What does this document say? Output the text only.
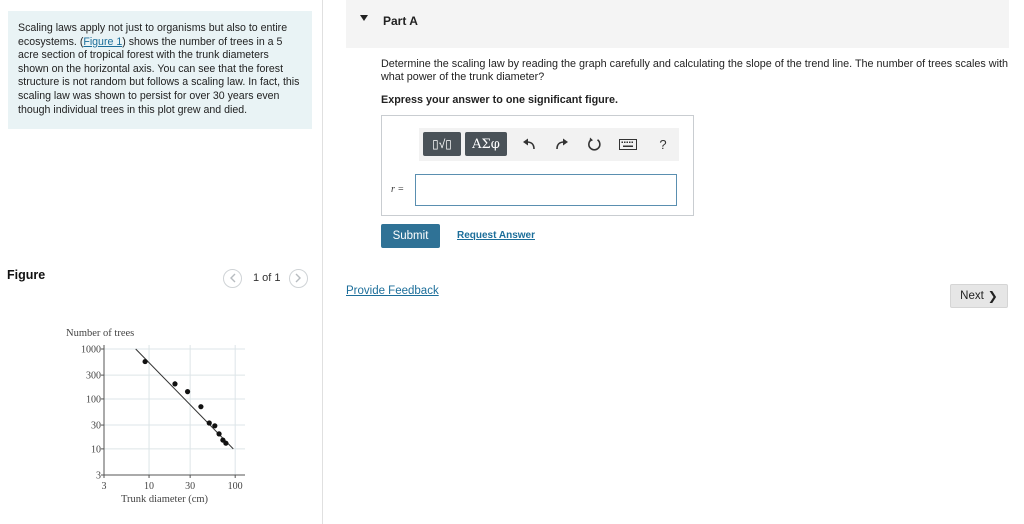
Scaling laws apply not just to organisms but also to entire ecosystems. (Figure 1) shows the number of trees in a 5 acre section of tropical forest with the trunk diameters shown on the horizontal axis. You can see that the forest structure is not random but follows a scaling law. In fact, this scaling law was shown to persist for over 30 years even though individual trees in this plot grew and died.
Figure	1 of 1
3
10
30
100
300
1000
3	10	30	100
Number of trees
Trunk diameter (cm)
Part A
Determine the scaling law by reading the graph carefully and calculating the slope of the trend line. The number of trees scales with what power of the trunk diameter?
Express your answer to one significant figure.
▯√▯ ΑΣφ	?
r =
Submit	Request Answer
Provide Feedback	Next ❯
